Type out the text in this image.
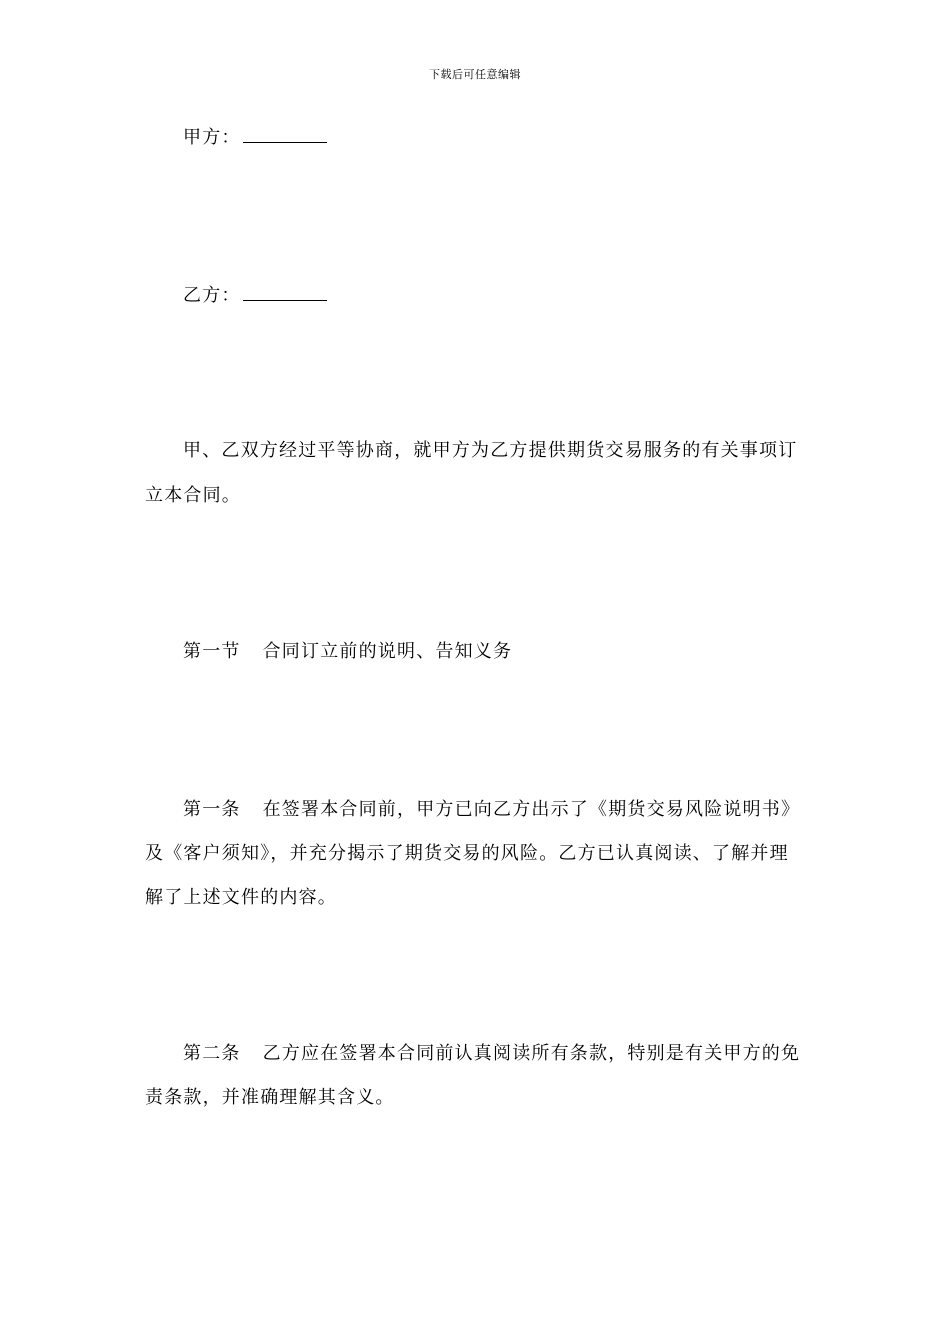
下载后可任意编辑
甲方：
乙方：
甲、乙双方经过平等协商，就甲方为乙方提供期货交易服务的有关事项订
立本合同。
第一节 合同订立前的说明、告知义务
第一条 在签署本合同前，甲方已向乙方出示了《期货交易风险说明书》
及《客户须知》，并充分揭示了期货交易的风险。乙方已认真阅读、了解并理
解了上述文件的内容。
第二条 乙方应在签署本合同前认真阅读所有条款，特别是有关甲方的免
责条款，并准确理解其含义。
